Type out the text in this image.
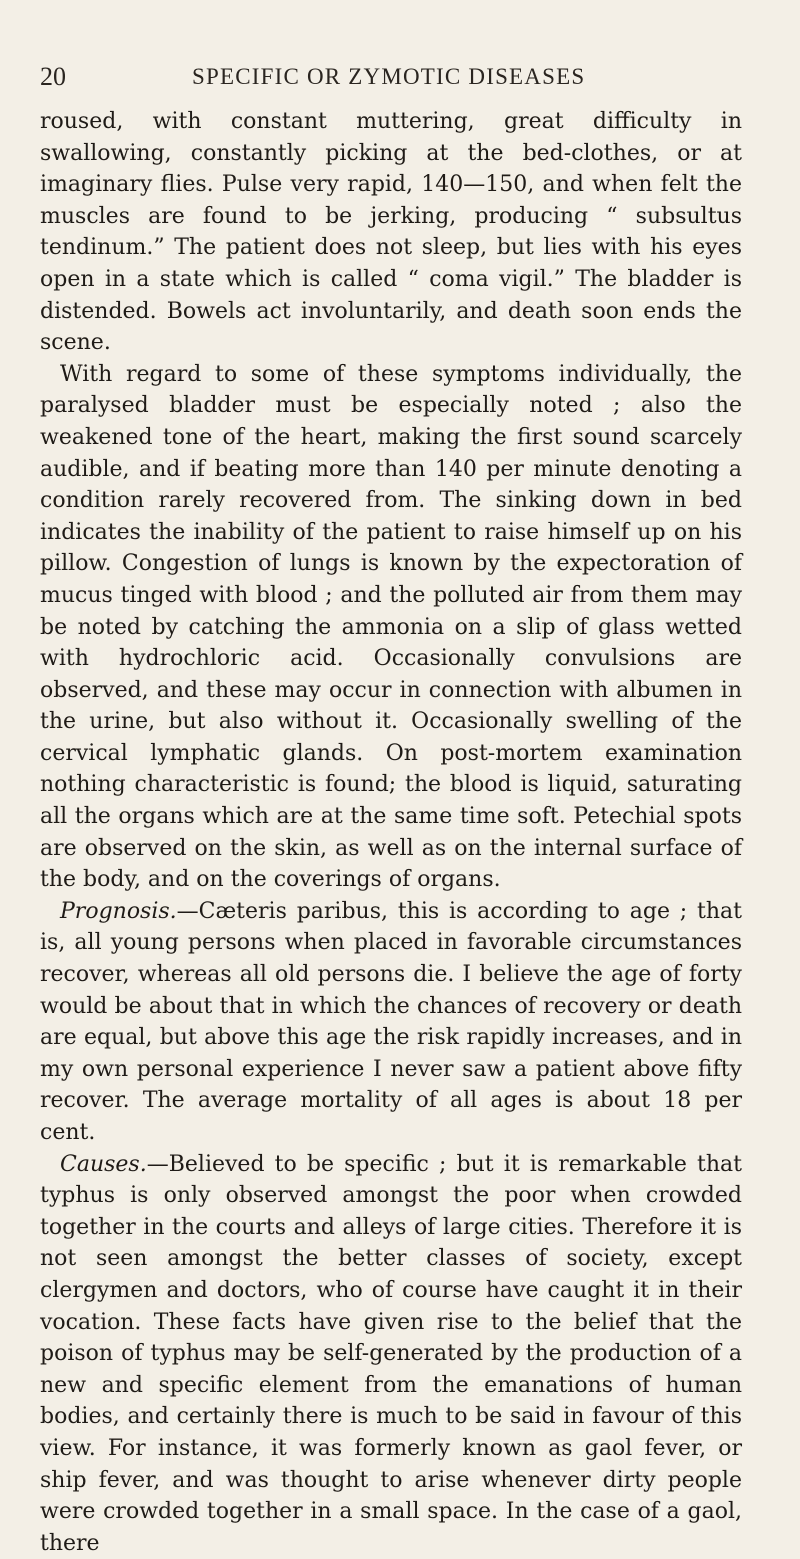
20	SPECIFIC OR ZYMOTIC DISEASES

roused, with constant muttering, great difficulty in swallowing, constantly picking at the bed-clothes, or at imaginary flies. Pulse very rapid, 140—150, and when felt the muscles are found to be jerking, producing “ subsultus tendinum.” The patient does not sleep, but lies with his eyes open in a state which is called “ coma vigil.” The bladder is distended. Bowels act involuntarily, and death soon ends the scene.

With regard to some of these symptoms individually, the paralysed bladder must be especially noted ; also the weakened tone of the heart, making the first sound scarcely audible, and if beating more than 140 per minute denoting a condition rarely recovered from. The sinking down in bed indicates the inability of the patient to raise himself up on his pillow. Congestion of lungs is known by the expectoration of mucus tinged with blood ; and the polluted air from them may be noted by catching the ammonia on a slip of glass wetted with hydrochloric acid. Occasionally convulsions are observed, and these may occur in connection with albumen in the urine, but also without it. Occasionally swelling of the cervical lymphatic glands. On post-mortem examination nothing characteristic is found; the blood is liquid, saturating all the organs which are at the same time soft. Petechial spots are observed on the skin, as well as on the internal surface of the body, and on the coverings of organs.

Prognosis.—Cæteris paribus, this is according to age ; that is, all young persons when placed in favorable circumstances recover, whereas all old persons die. I believe the age of forty would be about that in which the chances of recovery or death are equal, but above this age the risk rapidly increases, and in my own personal experience I never saw a patient above fifty recover. The average mortality of all ages is about 18 per cent.

Causes.—Believed to be specific ; but it is remarkable that typhus is only observed amongst the poor when crowded together in the courts and alleys of large cities. Therefore it is not seen amongst the better classes of society, except clergymen and doctors, who of course have caught it in their vocation. These facts have given rise to the belief that the poison of typhus may be self-generated by the production of a new and specific element from the emanations of human bodies, and certainly there is much to be said in favour of this view. For instance, it was formerly known as gaol fever, or ship fever, and was thought to arise whenever dirty people were crowded together in a small space. In the case of a gaol, there
